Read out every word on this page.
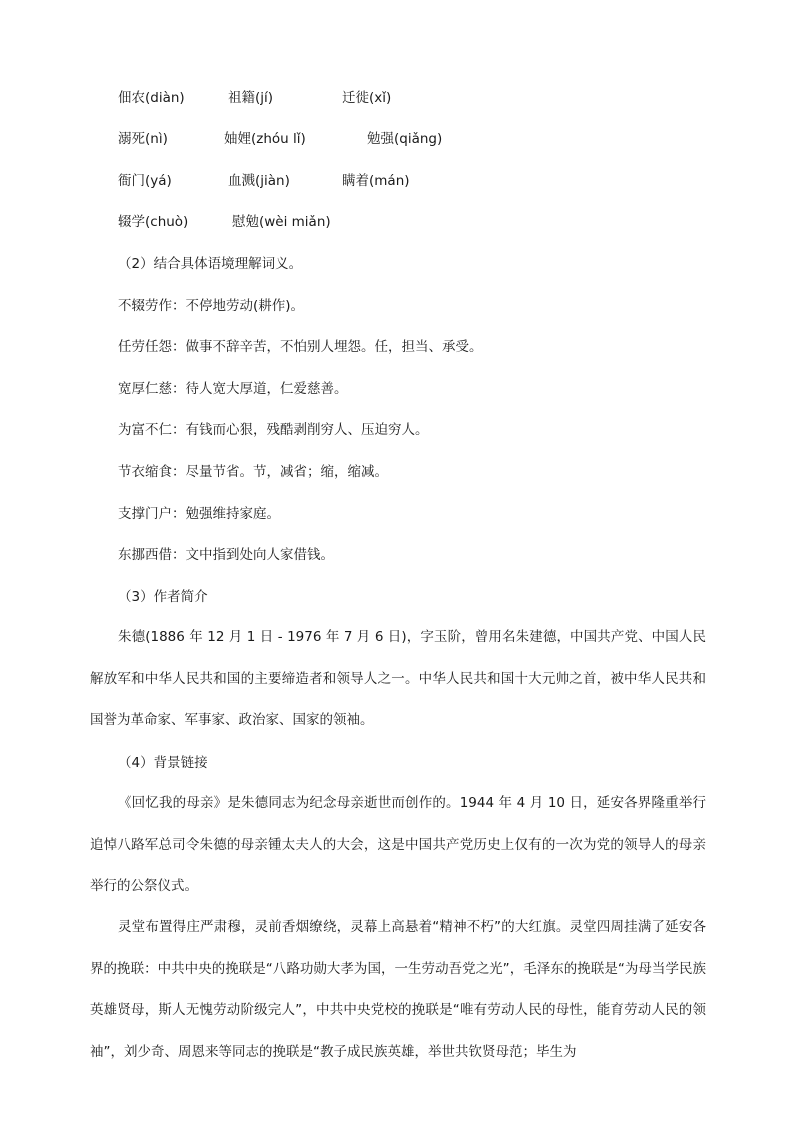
佃农(diàn)	祖籍(jí)	迁徙(xǐ)
溺死(nì)	妯娌(zhóu lǐ)	勉强(qiǎng)
衙门(yá)	血溅(jiàn)	瞒着(mán)
辍学(chuò)	慰勉(wèi miǎn)
（2）结合具体语境理解词义。
不辍劳作：不停地劳动(耕作)。
任劳任怨：做事不辞辛苦，不怕别人埋怨。任，担当、承受。
宽厚仁慈：待人宽大厚道，仁爱慈善。
为富不仁：有钱而心狠，残酷剥削穷人、压迫穷人。
节衣缩食：尽量节省。节，减省；缩，缩减。
支撑门户：勉强维持家庭。
东挪西借：文中指到处向人家借钱。
（3）作者简介
朱德(1886 年 12 月 1 日 - 1976 年 7 月 6 日)，字玉阶，曾用名朱建德，中国共产党、中国人民解放军和中华人民共和国的主要缔造者和领导人之一。中华人民共和国十大元帅之首，被中华人民共和国誉为革命家、军事家、政治家、国家的领袖。
（4）背景链接
《回忆我的母亲》是朱德同志为纪念母亲逝世而创作的。1944 年 4 月 10 日，延安各界隆重举行追悼八路军总司令朱德的母亲锺太夫人的大会，这是中国共产党历史上仅有的一次为党的领导人的母亲举行的公祭仪式。
灵堂布置得庄严肃穆，灵前香烟缭绕，灵幕上高悬着“精神不朽”的大红旗。灵堂四周挂满了延安各界的挽联：中共中央的挽联是“八路功勋大孝为国，一生劳动吾党之光”，毛泽东的挽联是“为母当学民族英雄贤母，斯人无愧劳动阶级完人”，中共中央党校的挽联是“唯有劳动人民的母性，能育劳动人民的领袖”，刘少奇、周恩来等同志的挽联是“教子成民族英雄，举世共钦贤母范；毕生为
